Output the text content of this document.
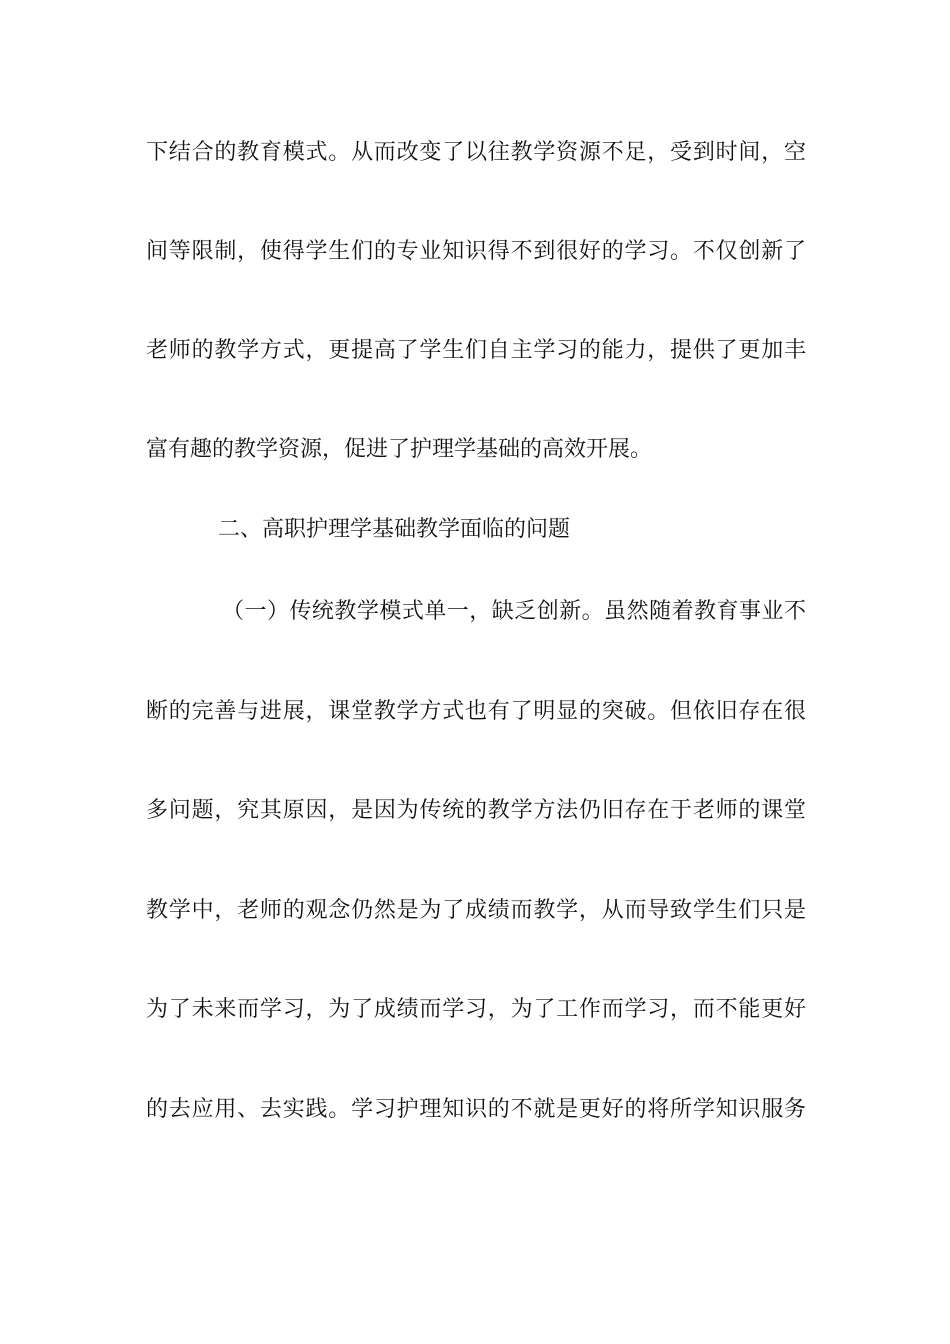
下结合的教育模式。从而改变了以往教学资源不足，受到时间，空
间等限制，使得学生们的专业知识得不到很好的学习。不仅创新了
老师的教学方式，更提高了学生们自主学习的能力，提供了更加丰
富有趣的教学资源，促进了护理学基础的高效开展。
二、高职护理学基础教学面临的问题
（一）传统教学模式单一，缺乏创新。虽然随着教育事业不
断的完善与进展，课堂教学方式也有了明显的突破。但依旧存在很
多问题，究其原因，是因为传统的教学方法仍旧存在于老师的课堂
教学中，老师的观念仍然是为了成绩而教学，从而导致学生们只是
为了未来而学习，为了成绩而学习，为了工作而学习，而不能更好
的去应用、去实践。学习护理知识的不就是更好的将所学知识服务
